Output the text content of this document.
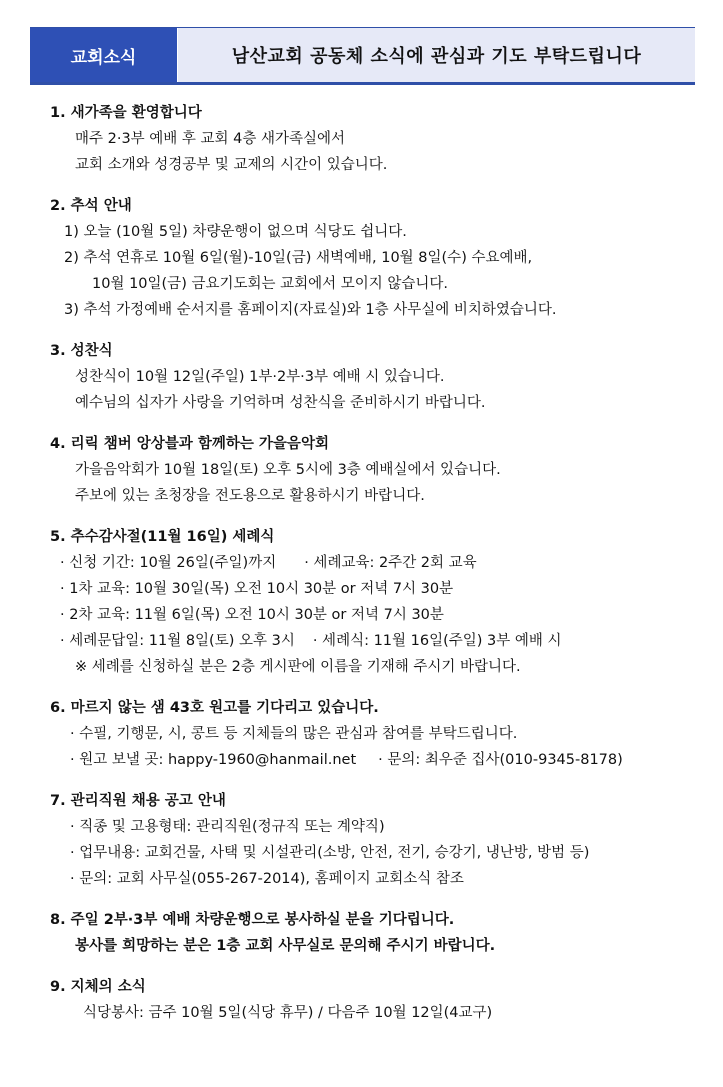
교회소식	남산교회 공동체 소식에 관심과 기도 부탁드립니다
1. 새가족을 환영합니다
매주 2·3부 예배 후 교회 4층 새가족실에서
교회 소개와 성경공부 및 교제의 시간이 있습니다.
2. 추석 안내
1) 오늘 (10월 5일) 차량운행이 없으며 식당도 쉽니다.
2) 추석 연휴로 10월 6일(월)-10일(금) 새벽예배, 10월 8일(수) 수요예배,
10월 10일(금) 금요기도회는 교회에서 모이지 않습니다.
3) 추석 가정예배 순서지를 홈페이지(자료실)와 1층 사무실에 비치하였습니다.
3. 성찬식
성찬식이 10월 12일(주일) 1부·2부·3부 예배 시 있습니다.
예수님의 십자가 사랑을 기억하며 성찬식을 준비하시기 바랍니다.
4. 리릭 챔버 앙상블과 함께하는 가을음악회
가을음악회가 10월 18일(토) 오후 5시에 3층 예배실에서 있습니다.
주보에 있는 초청장을 전도용으로 활용하시기 바랍니다.
5. 추수감사절(11월 16일) 세례식
· 신청 기간: 10월 26일(주일)까지 · 세례교육: 2주간 2회 교육
· 1차 교육: 10월 30일(목) 오전 10시 30분 or 저녁 7시 30분
· 2차 교육: 11월 6일(목) 오전 10시 30분 or 저녁 7시 30분
· 세례문답일: 11월 8일(토) 오후 3시 · 세례식: 11월 16일(주일) 3부 예배 시
※ 세례를 신청하실 분은 2층 게시판에 이름을 기재해 주시기 바랍니다.
6. 마르지 않는 샘 43호 원고를 기다리고 있습니다.
· 수필, 기행문, 시, 콩트 등 지체들의 많은 관심과 참여를 부탁드립니다.
· 원고 보낼 곳: happy-1960@hanmail.net · 문의: 최우준 집사(010-9345-8178)
7. 관리직원 채용 공고 안내
· 직종 및 고용형태: 관리직원(정규직 또는 계약직)
· 업무내용: 교회건물, 사택 및 시설관리(소방, 안전, 전기, 승강기, 냉난방, 방범 등)
· 문의: 교회 사무실(055-267-2014), 홈페이지 교회소식 참조
8. 주일 2부·3부 예배 차량운행으로 봉사하실 분을 기다립니다.
봉사를 희망하는 분은 1층 교회 사무실로 문의해 주시기 바랍니다.
9. 지체의 소식
식당봉사: 금주 10월 5일(식당 휴무) / 다음주 10월 12일(4교구)
